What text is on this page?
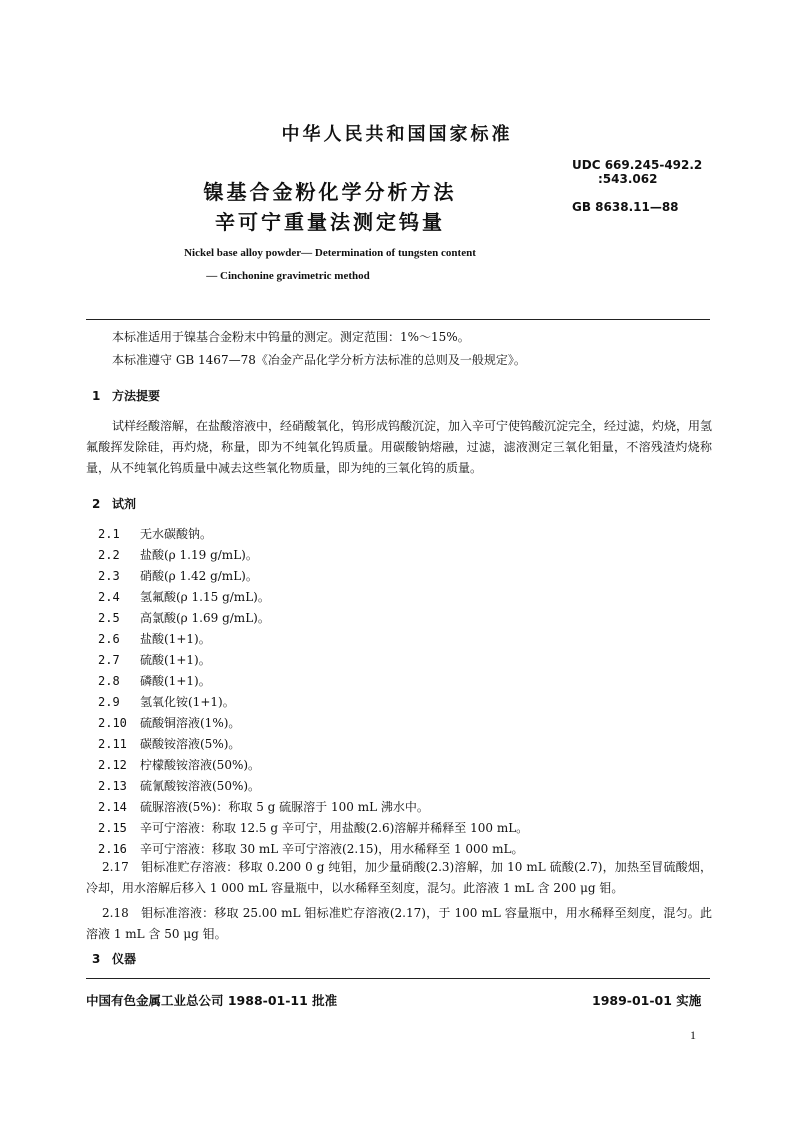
中华人民共和国国家标准
镍基合金粉化学分析方法
辛可宁重量法测定钨量
UDC 669.245-492.2
:543.062
GB 8638.11—88
Nickel base alloy powder— Determination of tungsten content
— Cinchonine gravimetric method
本标准适用于镍基合金粉末中钨量的测定。测定范围：1%～15%。
本标准遵守 GB 1467—78《冶金产品化学分析方法标准的总则及一般规定》。
1 方法提要
试样经酸溶解，在盐酸溶液中，经硝酸氧化，钨形成钨酸沉淀，加入辛可宁使钨酸沉淀完全，经过滤，灼烧，用氢氟酸挥发除硅，再灼烧，称量，即为不纯氧化钨质量。用碳酸钠熔融，过滤，滤液测定三氧化钼量，不溶残渣灼烧称量，从不纯氧化钨质量中减去这些氧化物质量，即为纯的三氧化钨的质量。
2 试剂
2.1 无水碳酸钠。
2.2 盐酸(ρ 1.19 g/mL)。
2.3 硝酸(ρ 1.42 g/mL)。
2.4 氢氟酸(ρ 1.15 g/mL)。
2.5 高氯酸(ρ 1.69 g/mL)。
2.6 盐酸(1+1)。
2.7 硫酸(1+1)。
2.8 磷酸(1+1)。
2.9 氢氧化铵(1+1)。
2.10 硫酸铜溶液(1%)。
2.11 碳酸铵溶液(5%)。
2.12 柠檬酸铵溶液(50%)。
2.13 硫氰酸铵溶液(50%)。
2.14 硫脲溶液(5%)：称取 5 g 硫脲溶于 100 mL 沸水中。
2.15 辛可宁溶液：称取 12.5 g 辛可宁，用盐酸(2.6)溶解并稀释至 100 mL。
2.16 辛可宁溶液：移取 30 mL 辛可宁溶液(2.15)，用水稀释至 1 000 mL。
2.17　钼标准贮存溶液：移取 0.200 0 g 纯钼，加少量硝酸(2.3)溶解，加 10 mL 硫酸(2.7)，加热至冒硫酸烟，冷却，用水溶解后移入 1 000 mL 容量瓶中，以水稀释至刻度，混匀。此溶液 1 mL 含 200 μg 钼。
2.18　钼标准溶液：移取 25.00 mL 钼标准贮存溶液(2.17)，于 100 mL 容量瓶中，用水稀释至刻度，混匀。此溶液 1 mL 含 50 μg 钼。
3 仪器
中国有色金属工业总公司 1988-01-11 批准	1989-01-01 实施
1
